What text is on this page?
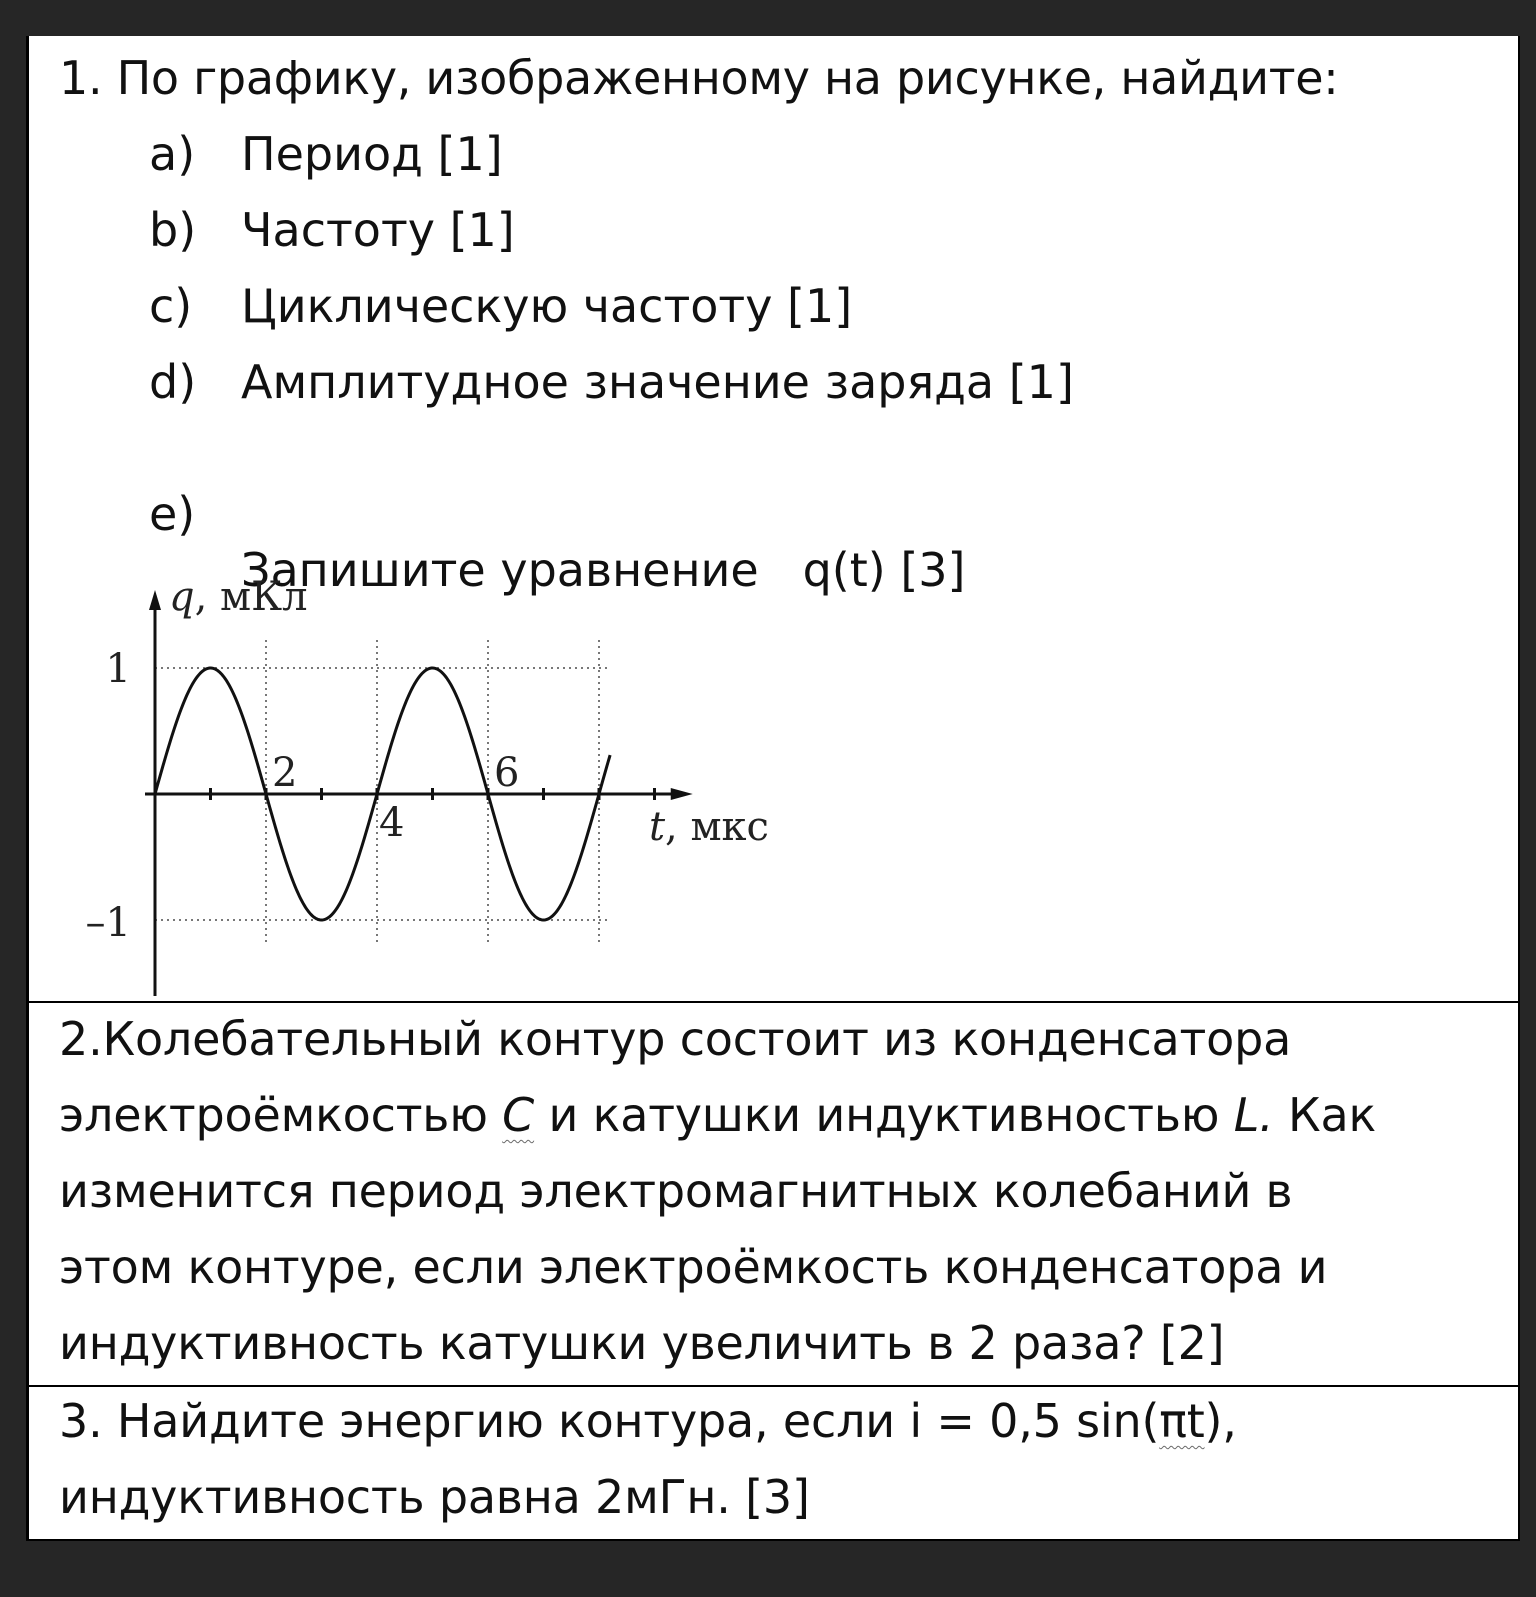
1. По графику, изображенному на рисунке, найдите:
a) Период [1]
b) Частоту [1]
c) Циклическую частоту [1]
d) Амплитудное значение заряда [1]

e)

Запишите уравнение   q(t) [3]

q, мКл
t, мкс
1
–1
2
4
6
2.Колебательный контур состоит из конденсатора
электроёмкостью C и катушки индуктивностью L. Как
изменится период электромагнитных колебаний в
этом контуре, если электроёмкость конденсатора и
индуктивность катушки увеличить в 2 раза? [2]
3. Найдите энергию контура, если i = 0,5 sin(πt),
индуктивность равна 2мГн. [3]
